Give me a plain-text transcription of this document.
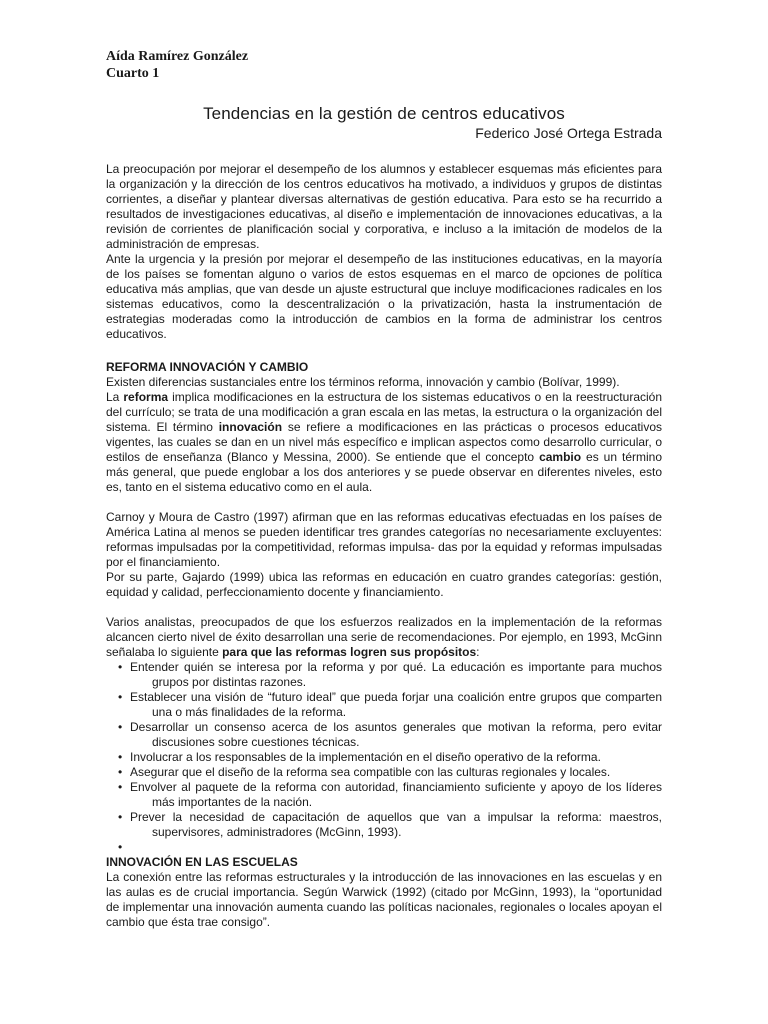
Aída Ramírez González
Cuarto 1
Tendencias en la gestión de centros educativos
Federico José Ortega Estrada

La preocupación por mejorar el desempeño de los alumnos y establecer esquemas más eficientes para la organización y la dirección de los centros educativos ha motivado, a individuos y grupos de distintas corrientes, a diseñar y plantear diversas alternativas de gestión educativa. Para esto se ha recurrido a resultados de investigaciones educativas, al diseño e implementación de innovaciones educativas, a la revisión de corrientes de planificación social y corporativa, e incluso a la imitación de modelos de la administración de empresas.

Ante la urgencia y la presión por mejorar el desempeño de las instituciones educativas, en la mayoría de los países se fomentan alguno o varios de estos esquemas en el marco de opciones de política educativa más amplias, que van desde un ajuste estructural que incluye modificaciones radicales en los sistemas educativos, como la descentralización o la privatización, hasta la instrumentación de estrategias moderadas como la introducción de cambios en la forma de administrar los centros educativos.

REFORMA INNOVACIÓN Y CAMBIO

Existen diferencias sustanciales entre los términos reforma, innovación y cambio (Bolívar, 1999).

La reforma implica modificaciones en la estructura de los sistemas educativos o en la reestructuración del currículo; se trata de una modificación a gran escala en las metas, la estructura o la organización del sistema. El término innovación se refiere a modificaciones en las prácticas o procesos educativos vigentes, las cuales se dan en un nivel más específico e implican aspectos como desarrollo curricular, o estilos de enseñanza (Blanco y Messina, 2000). Se entiende que el concepto cambio es un término más general, que puede englobar a los dos anteriores y se puede observar en diferentes niveles, esto es, tanto en el sistema educativo como en el aula.

Carnoy y Moura de Castro (1997) afirman que en las reformas educativas efectuadas en los países de América Latina al menos se pueden identificar tres grandes categorías no necesariamente excluyentes: reformas impulsadas por la competitividad, reformas impulsa- das por la equidad y reformas impulsadas por el financiamiento.

Por su parte, Gajardo (1999) ubica las reformas en educación en cuatro grandes categorías: gestión, equidad y calidad, perfeccionamiento docente y financiamiento.

Varios analistas, preocupados de que los esfuerzos realizados en la implementación de la reformas alcancen cierto nivel de éxito desarrollan una serie de recomendaciones. Por ejemplo, en 1993, McGinn señalaba lo siguiente para que las reformas logren sus propósitos:

• Entender quién se interesa por la reforma y por qué. La educación es importante para muchos grupos por distintas razones.
• Establecer una visión de “futuro ideal” que pueda forjar una coalición entre grupos que comparten una o más finalidades de la reforma.
• Desarrollar un consenso acerca de los asuntos generales que motivan la reforma, pero evitar discusiones sobre cuestiones técnicas.
• Involucrar a los responsables de la implementación en el diseño operativo de la reforma.
• Asegurar que el diseño de la reforma sea compatible con las culturas regionales y locales.
• Envolver al paquete de la reforma con autoridad, financiamiento suficiente y apoyo de los líderes más importantes de la nación.
• Prever la necesidad de capacitación de aquellos que van a impulsar la reforma: maestros, supervisores, administradores (McGinn, 1993).
•
INNOVACIÓN EN LAS ESCUELAS

La conexión entre las reformas estructurales y la introducción de las innovaciones en las escuelas y en las aulas es de crucial importancia. Según Warwick (1992) (citado por McGinn, 1993), la “oportunidad de implementar una innovación aumenta cuando las políticas nacionales, regionales o locales apoyan el cambio que ésta trae consigo”.
